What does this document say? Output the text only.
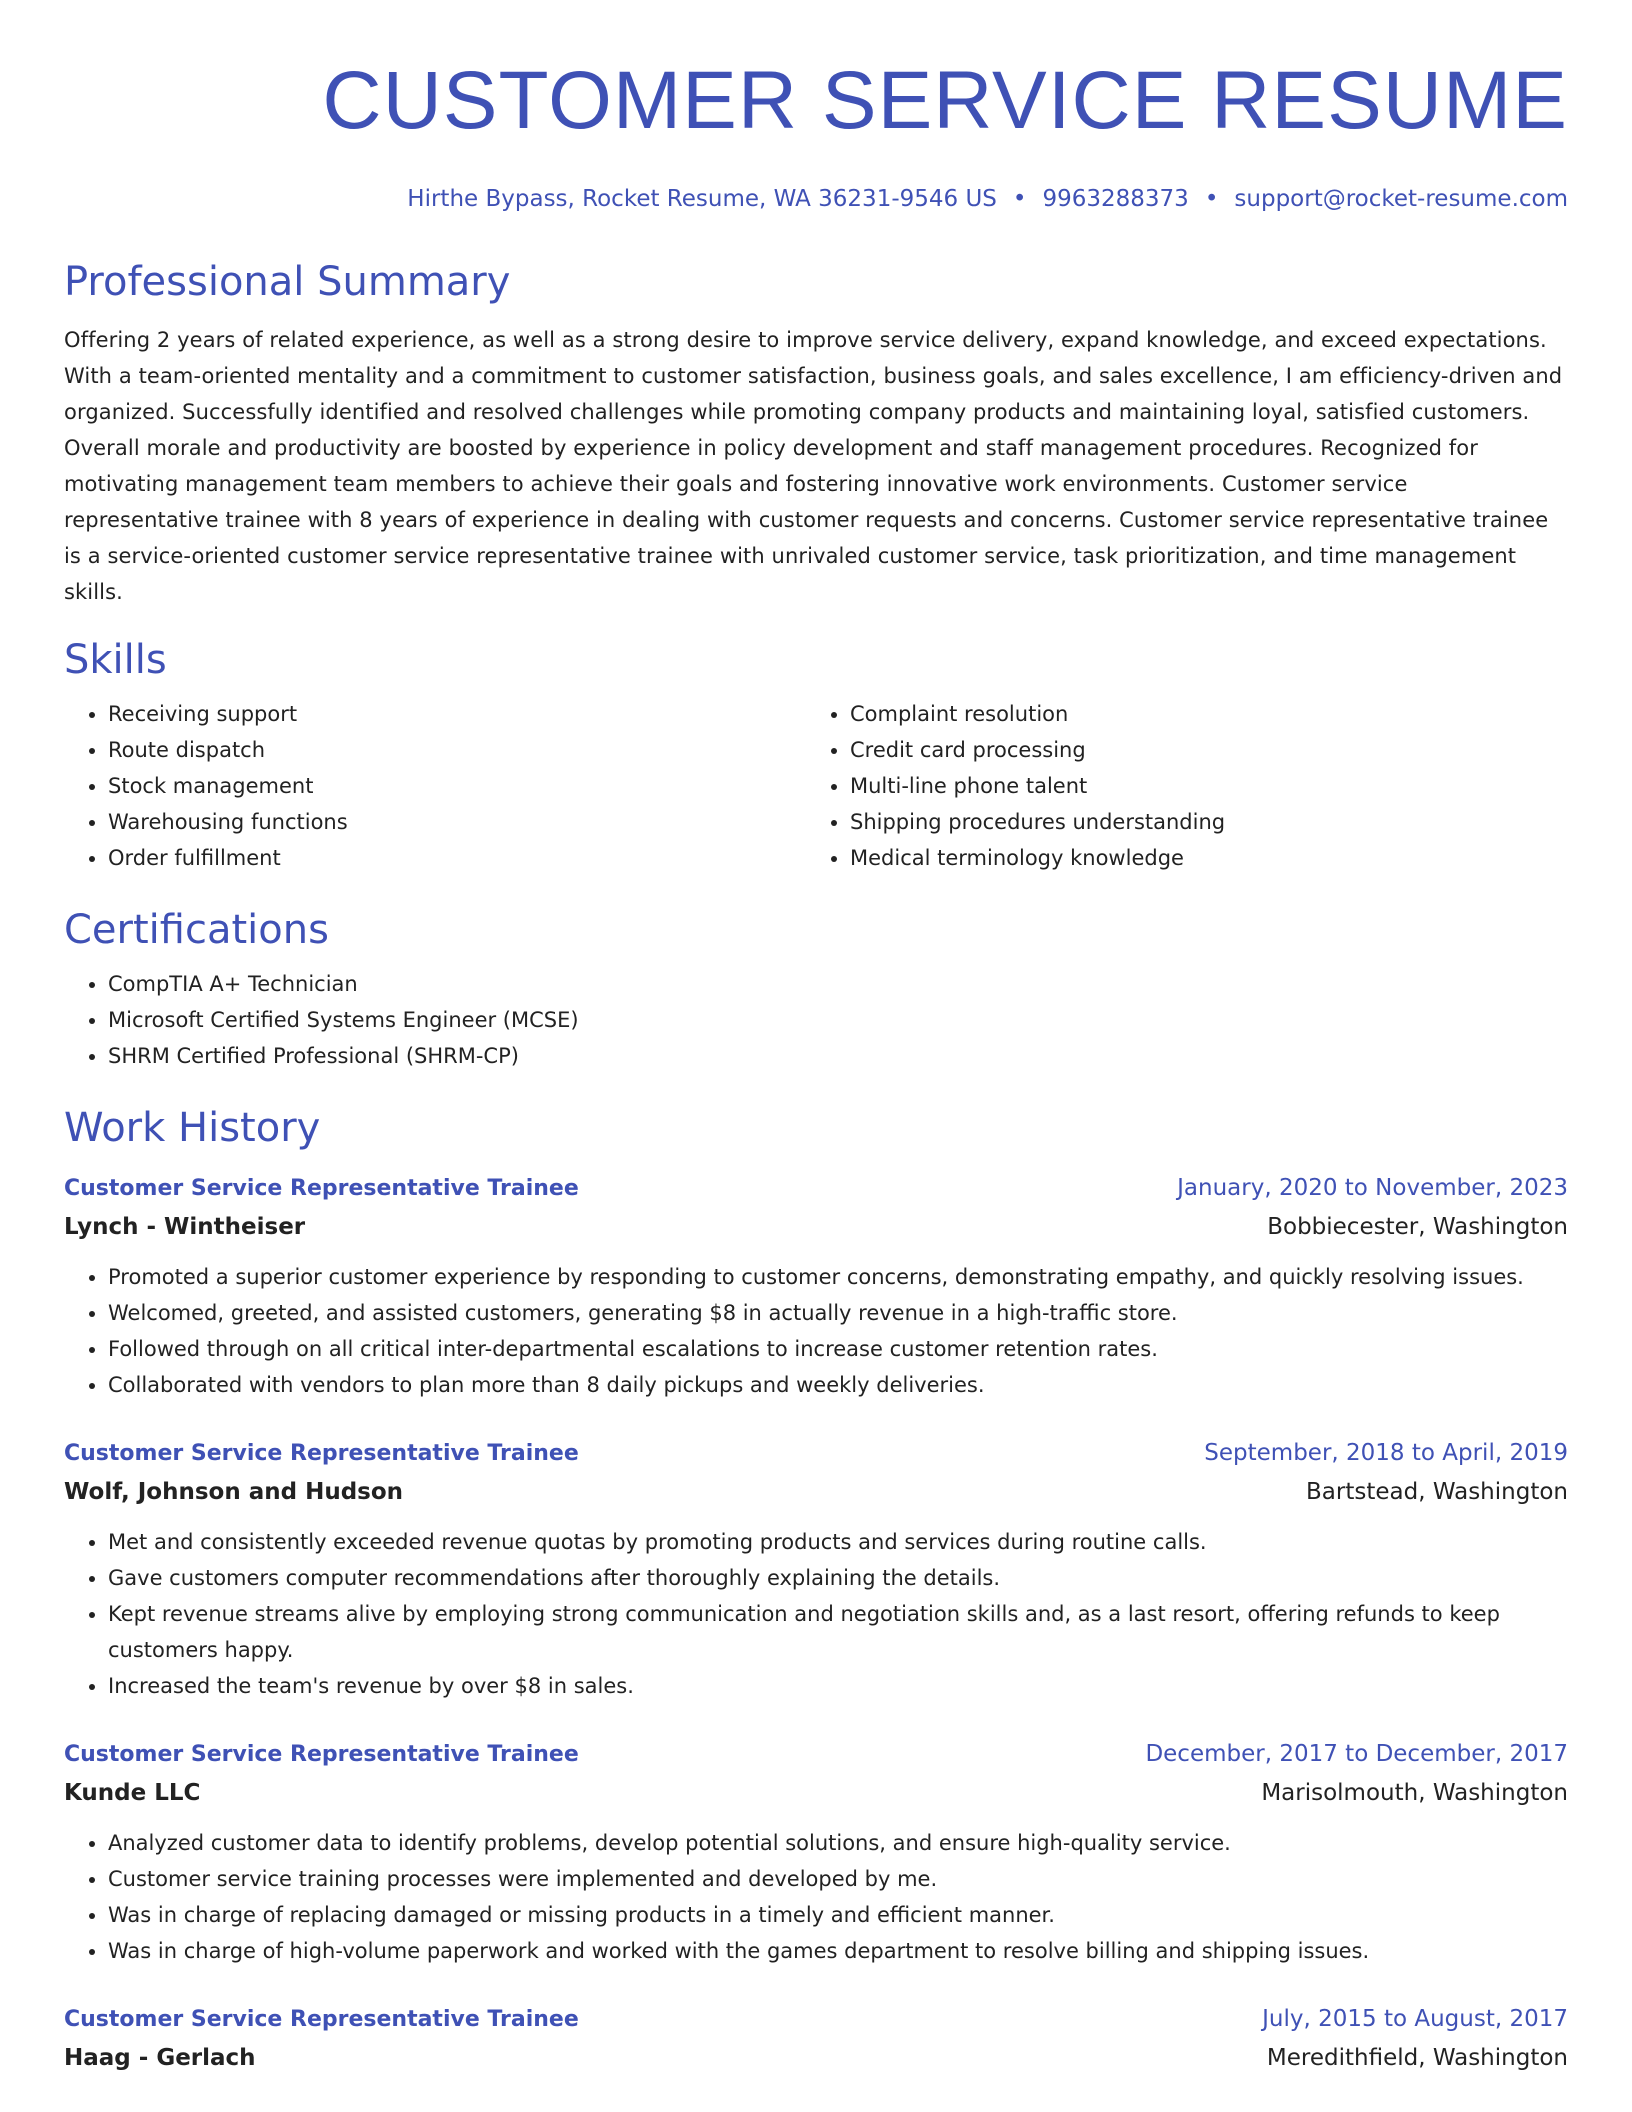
CUSTOMER SERVICE RESUME
Hirthe Bypass, Rocket Resume, WA 36231-9546 US • 9963288373 • support@rocket-resume.com
Professional Summary
Offering 2 years of related experience, as well as a strong desire to improve service delivery, expand knowledge, and exceed expectations. With a team-oriented mentality and a commitment to customer satisfaction, business goals, and sales excellence, I am efficiency-driven and organized. Successfully identified and resolved challenges while promoting company products and maintaining loyal, satisfied customers. Overall morale and productivity are boosted by experience in policy development and staff management procedures. Recognized for motivating management team members to achieve their goals and fostering innovative work environments. Customer service representative trainee with 8 years of experience in dealing with customer requests and concerns. Customer service representative trainee is a service-oriented customer service representative trainee with unrivaled customer service, task prioritization, and time management skills.
Skills
• Receiving support
• Route dispatch
• Stock management
• Warehousing functions
• Order fulfillment
• Complaint resolution
• Credit card processing
• Multi-line phone talent
• Shipping procedures understanding
• Medical terminology knowledge
Certifications
• CompTIA A+ Technician
• Microsoft Certified Systems Engineer (MCSE)
• SHRM Certified Professional (SHRM-CP)
Work History
Customer Service Representative Trainee	January, 2020 to November, 2023
Lynch - Wintheiser	Bobbiecester, Washington
• Promoted a superior customer experience by responding to customer concerns, demonstrating empathy, and quickly resolving issues.
• Welcomed, greeted, and assisted customers, generating $8 in actually revenue in a high-traffic store.
• Followed through on all critical inter-departmental escalations to increase customer retention rates.
• Collaborated with vendors to plan more than 8 daily pickups and weekly deliveries.
Customer Service Representative Trainee	September, 2018 to April, 2019
Wolf, Johnson and Hudson	Bartstead, Washington
• Met and consistently exceeded revenue quotas by promoting products and services during routine calls.
• Gave customers computer recommendations after thoroughly explaining the details.
• Kept revenue streams alive by employing strong communication and negotiation skills and, as a last resort, offering refunds to keep customers happy.
• Increased the team's revenue by over $8 in sales.
Customer Service Representative Trainee	December, 2017 to December, 2017
Kunde LLC	Marisolmouth, Washington
• Analyzed customer data to identify problems, develop potential solutions, and ensure high-quality service.
• Customer service training processes were implemented and developed by me.
• Was in charge of replacing damaged or missing products in a timely and efficient manner.
• Was in charge of high-volume paperwork and worked with the games department to resolve billing and shipping issues.
Customer Service Representative Trainee	July, 2015 to August, 2017
Haag - Gerlach	Meredithfield, Washington
